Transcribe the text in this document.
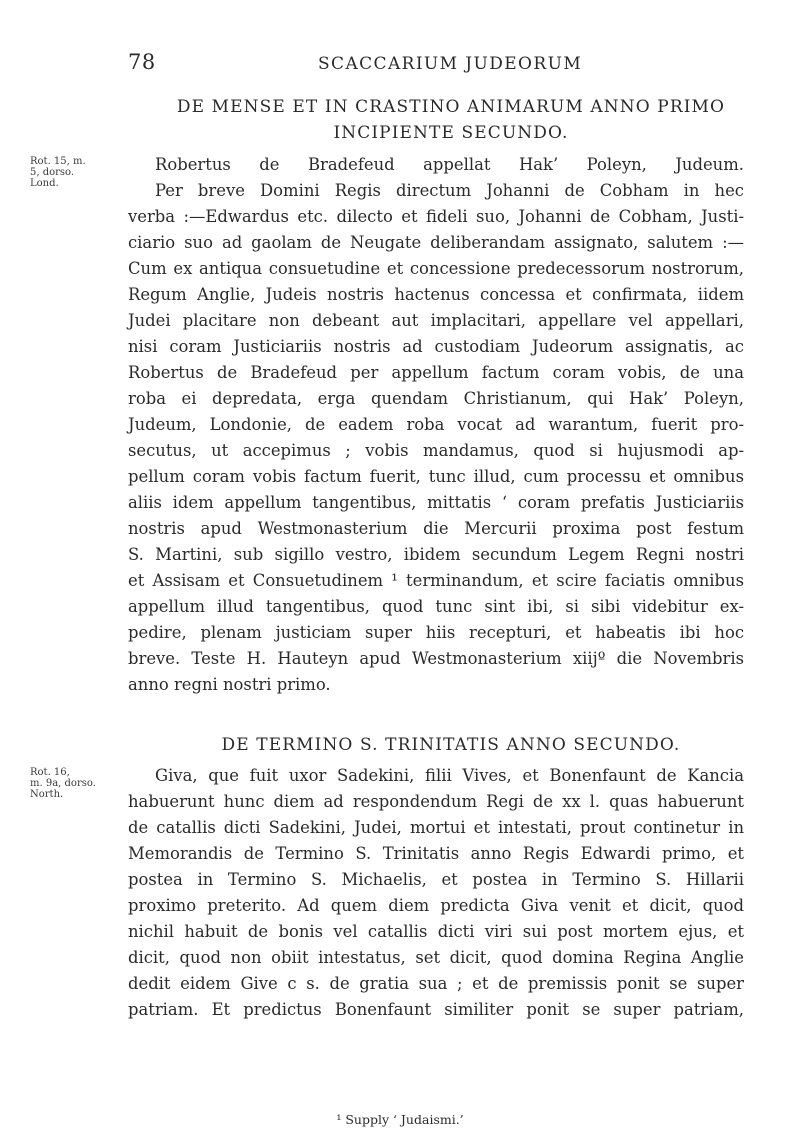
78	SCACCARIUM JUDEORUM
DE MENSE ET IN CRASTINO ANIMARUM ANNO PRIMO
INCIPIENTE SECUNDO.
Rot. 15, m.
5, dorso.
Lond.
Robertus de Bradefeud appellat Hak’ Poleyn, Judeum.
Per breve Domini Regis directum Johanni de Cobham in hec
verba :—Edwardus etc. dilecto et fideli suo, Johanni de Cobham, Justi-
ciario suo ad gaolam de Neugate deliberandam assignato, salutem :—
Cum ex antiqua consuetudine et concessione predecessorum nostrorum,
Regum Anglie, Judeis nostris hactenus concessa et confirmata, iidem
Judei placitare non debeant aut implacitari, appellare vel appellari,
nisi coram Justiciariis nostris ad custodiam Judeorum assignatis, ac
Robertus de Bradefeud per appellum factum coram vobis, de una
roba ei depredata, erga quendam Christianum, qui Hak’ Poleyn,
Judeum, Londonie, de eadem roba vocat ad warantum, fuerit pro-
secutus, ut accepimus ; vobis mandamus, quod si hujusmodi ap-
pellum coram vobis factum fuerit, tunc illud, cum processu et omnibus
aliis idem appellum tangentibus, mittatis ‘ coram prefatis Justiciariis
nostris apud Westmonasterium die Mercurii proxima post festum
S. Martini, sub sigillo vestro, ibidem secundum Legem Regni nostri
et Assisam et Consuetudinem ¹ terminandum, et scire faciatis omnibus
appellum illud tangentibus, quod tunc sint ibi, si sibi videbitur ex-
pedire, plenam justiciam super hiis recepturi, et habeatis ibi hoc
breve. Teste H. Hauteyn apud Westmonasterium xiijº die Novembris
anno regni nostri primo.
DE TERMINO S. TRINITATIS ANNO SECUNDO.
Rot. 16,
m. 9a, dorso.
North.
Giva, que fuit uxor Sadekini, filii Vives, et Bonenfaunt de Kancia
habuerunt hunc diem ad respondendum Regi de xx l. quas habuerunt
de catallis dicti Sadekini, Judei, mortui et intestati, prout continetur in
Memorandis de Termino S. Trinitatis anno Regis Edwardi primo, et
postea in Termino S. Michaelis, et postea in Termino S. Hillarii
proximo preterito. Ad quem diem predicta Giva venit et dicit, quod
nichil habuit de bonis vel catallis dicti viri sui post mortem ejus, et
dicit, quod non obiit intestatus, set dicit, quod domina Regina Anglie
dedit eidem Give c s. de gratia sua ; et de premissis ponit se super
patriam. Et predictus Bonenfaunt similiter ponit se super patriam,
¹ Supply ‘ Judaismi.’
